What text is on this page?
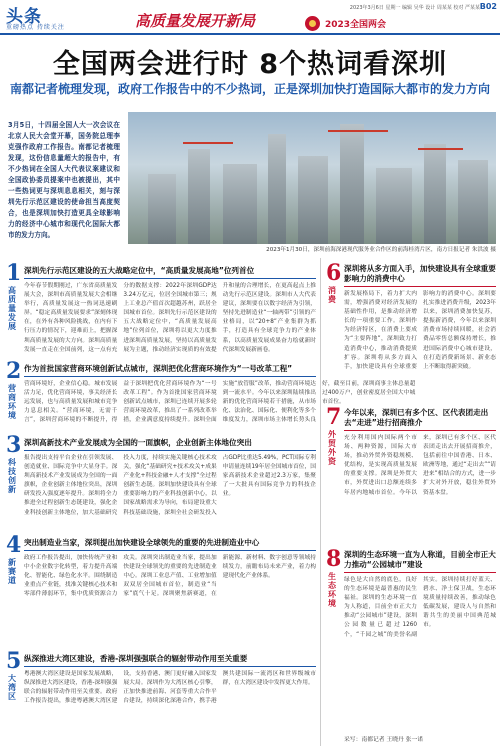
头条
重磅热点 持续关注	高质量发展开新局	2023全国两会
2023年3月6日 星期一 编辑 吴华 设计 周某某 校对 严某某 B02
全国两会进行时 8个热词看深圳
南都记者梳理发现，政府工作报告中的不少热词，正是深圳加快打造国际大都市的发力方向
3月5日，十四届全国人大一次会议在北京人民大会堂开幕，国务院总理李克强作政府工作报告。南都记者梳理发现，这份信息量超大的报告中，有不少热词在全国人大代表议案建议和全国政协委员提案中也被提出，其中一些热词更与深圳息息相关，刻与深圳先行示范区建设的使命担当高度契合，也是深圳加快打造更具全球影响力的经济中心城市和现代化国际大都市的发力方向。
2023年1月30日，深圳前海深港现代服务业合作区的前海桂湾片区，南方日报记者 朱洪波 摄
1
高质量发展
深圳先行示范区建设的五大战略定位中，“高质量发展高地”位列首位
今年春节假期刚过，广东省高质量发展大会，深圳市高质量发展大会相继举行，高质量发展这一热词迅速刷屏。“稳定高质量发展要求”深刻体现在，在外有各种风险挑战，在内有下行压力的情况下，迎难而上，把握深圳高质量发展的大方向。深圳高质量发展一直走在全国前列，这一点有充分的数据支撑：2022年深圳GDP达3.24万亿元，位居全国城市第三；规上工业总产值首次超越苏州，跃居全国城市首位。深圳先行示范区建设的五大战略定位中，“高质量发展高地”位列首位，深圳将以更大力度推进深圳高质量发展，坚持以高质量发展为主题，推动经济实现质的有效提升和量的合理增长，在更高起点上推动先行示范区建设。深圳市人大代表建议，深圳要在以数字经济为引领，坚持先进制造业“一轴两带”引领的产业格局，以“20+8”产业集群为抓手，打造具有全球竞争力的产业体系，以高质量发展成果奋力绘就新时代深圳发展新画卷。
2
营商环境
作为首批国家营商环境创新试点城市，深圳把优化营商环境作为“一号改革工程”
营商环境好，企业信心稳。城市发展活力足，优化营商环境，事关经济长远发展，也与高质量发展和城市竞争力息息相关。“营商环境，无需千言”，深圳营商环境的不断提升，得益于深圳把优化营商环境作为“一号改革工程”。作为首批国家营商环境创新试点城市，深圳已连续开展多轮营商环境改革，推出了一系列改革举措，企业满意度持续提升。深圳全面实施“放管服”改革，推动营商环境达到一流水平。今年以来深圳陆续推出新的优化营商环境若干措施，从市场化、法治化、国际化、便利化等多个维度发力，深圳市场主体增长势头良好，截至目前，深圳商事主体总量超过400万户，创业密度居全国大中城市首位。
3
科技创新
深圳高新技术产业发展成为全国的一面旗帜，企业创新主体地位突出
报告提出支持平台企业在引领发展、创造就业、国际竞争中大显身手。深圳高新技术产业发展成为全国的一面旗帜，企业创新主体地位突出，深圳研发投入强度逐年提升。深圳将全力推进全过程创新生态链建设，强化企业科技创新主体地位，加大基础研究投入力度，持续实施关键核心技术攻关，强化“基础研究+技术攻关+成果产业化+科技金融+人才支撑”全过程创新生态链。深圳加快建设具有全球重要影响力的产业科技创新中心，以国家战略需求为导向，布局建设重大科技基础设施，深圳全社会研发投入占GDP比重达5.49%，PCT国际专利申请量连续19年居全国城市首位，国家高新技术企业超过2.3万家，集聚了一大批具有国际竞争力的科技企业。
4
新赛道
突出制造业当家，深圳提出加快建设全球领先的重要的先进制造业中心
政府工作报告提出，加快传统产业和中小企业数字化转型，着力提升高端化、智能化、绿色化水平。围绕制造业重点产业链，找准关键核心技术和零部件薄弱环节，集中优质资源合力攻关。深圳突出制造业当家，提出加快建设全球领先的重要的先进制造业中心。深圳工业总产值、工业增加值双双居全国城市首位，制造业“当家”底气十足。深圳聚焦新赛道，在新能源、新材料、数字创意等领域持续发力，前瞻布局未来产业，着力构建现代化产业体系。
5
大湾区
纵深推进大湾区建设，香港-深圳强强联合的辐射带动作用至关重要
粤港澳大湾区建设是国家发展战略，纵深推进大湾区建设，香港-深圳强强联合的辐射带动作用至关重要。政府工作报告提出，推进粤港澳大湾区建设，支持香港、澳门更好融入国家发展大局。深圳作为大湾区核心引擎，正加快推进前海、河套等重大合作平台建设，持续深化深港合作，携手港澳共建国际一流湾区和世界级城市群，在大湾区建设中发挥更大作用。
6
消费
深圳将从多方面入手，加快建设具有全球重要影响力的消费中心
新发展格局下，着力扩大内需，增强消费对经济发展的基础性作用，是推动经济增长的一项重要工作。深圳作为经济特区，在消费上要成为“主要阵地”，深圳致力打造消费中心，推动消费提质扩容。深圳将从多方面入手，加快建设具有全球重要影响力的消费中心。深圳要扎实推进消费升级，2023年以来，深圳消费加快复苏，提振新消费，今年以来深圳消费市场持续回暖，社会消费品零售总额保持增长，推进国际消费中心城市建设，在打造消费新场景、新业态上不断取得新突破。
7
外贸外资
今年以来，深圳已有多个区、区代表团走出去“走进”进行招商推介
充分利用国内国际两个市场、两种资源，国际大市场，推动外贸外资稳规模、优结构，是实现高质量发展的重要支撑。深圳是外贸大市，外贸进出口总额连续多年居内地城市首位。今年以来，深圳已有多个区、区代表团走出去开展招商推介，包括前往中国香港、日本、欧洲等地，通过“走出去”“请进来”相结合的方式，进一步扩大对外开放，稳住外贸外资基本盘。
8
生态环境
深圳的生态环境一直为人称道，目前全市正大力推动“公园城市”建设
绿色是大自然的底色，良好的生态环境是最普惠的民生福祉。深圳的生态环境一直为人称道，目前全市正大力推动“公园城市”建设，深圳公园数量已超过1260个，“千园之城”的美誉名副其实。深圳持续打好蓝天、碧水、净土保卫战，生态环境质量持续改善，推动绿色低碳发展，建设人与自然和谐共生的美丽中国典范城市。
采写：南都记者 王晓丹 张一诺
